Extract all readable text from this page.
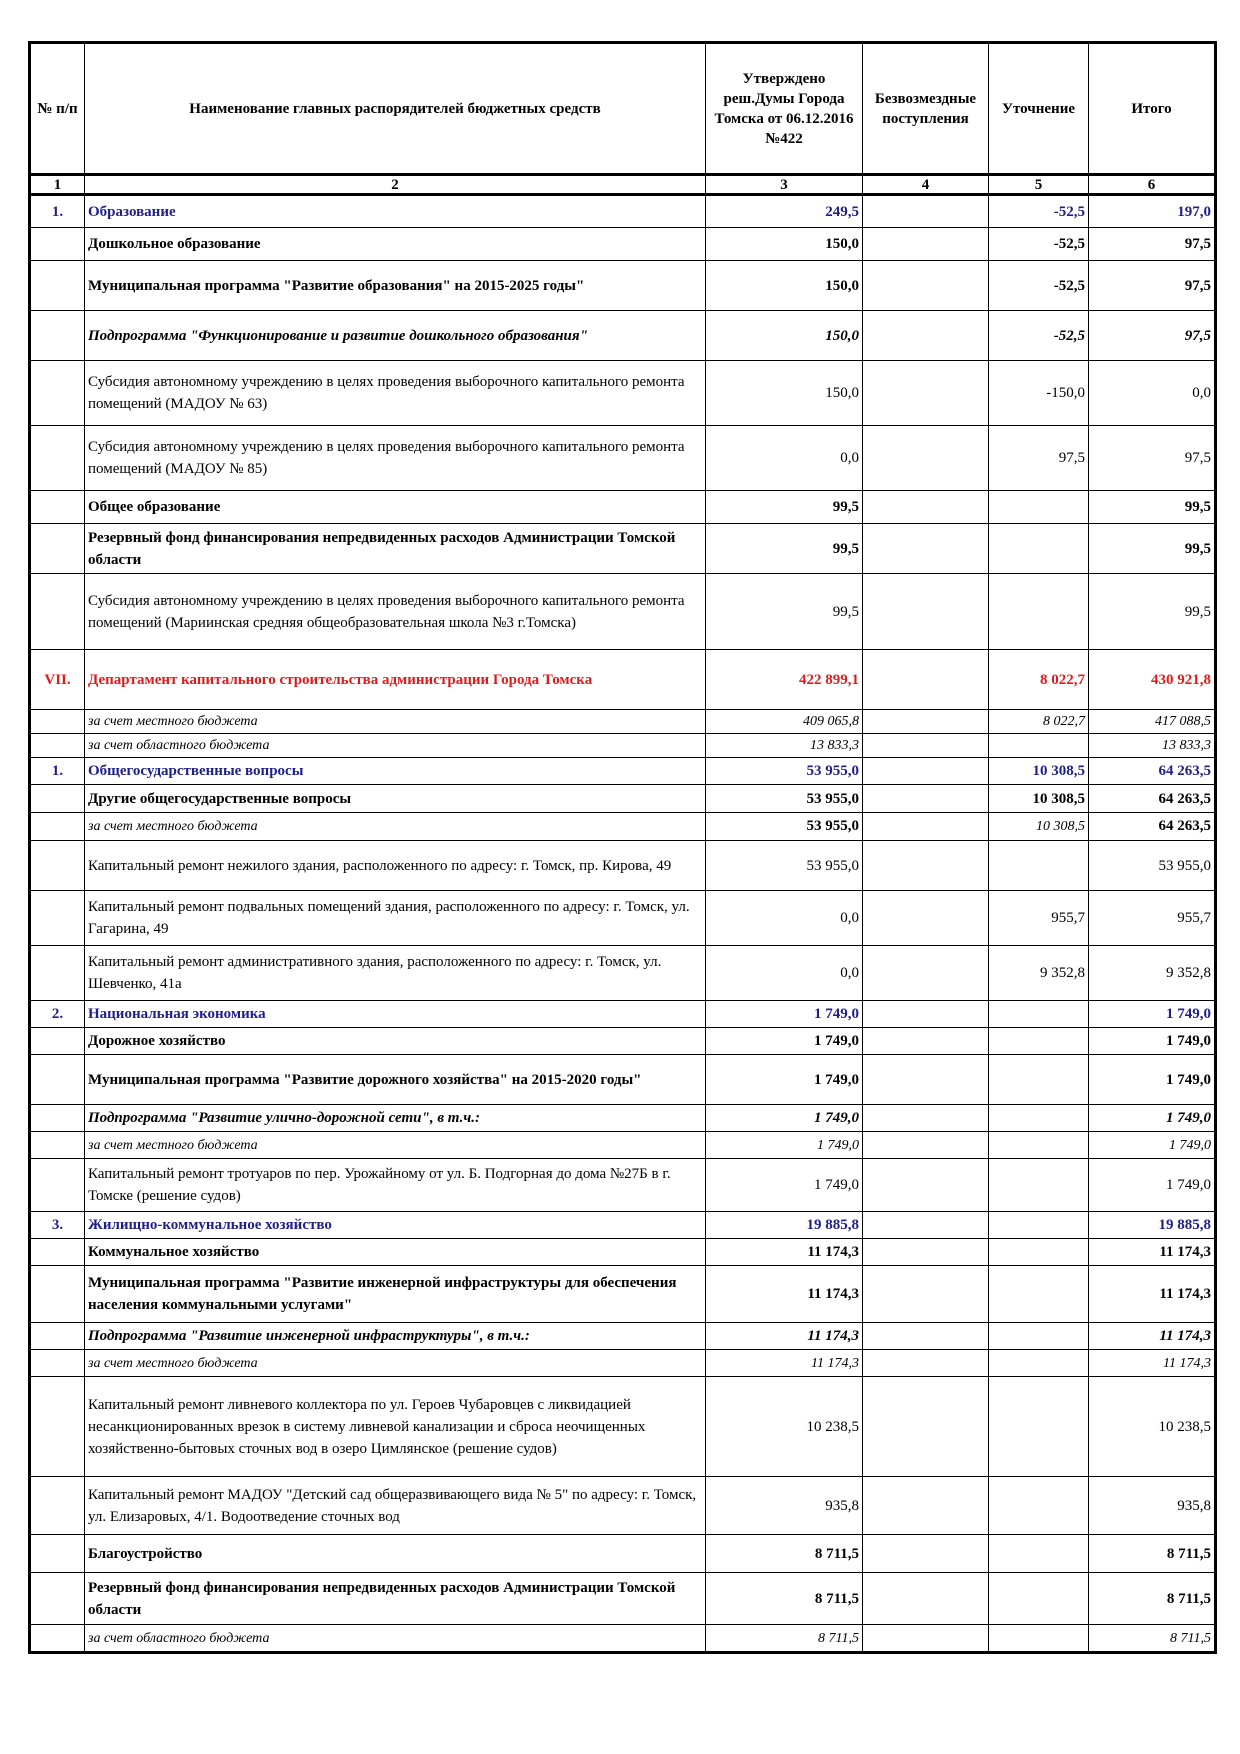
№ п/п	Наименование главных распорядителей бюджетных средств	Утверждено реш.Думы Города Томска от 06.12.2016 №422	Безвозмездные поступления	Уточнение	Итого
1	2	3	4	5	6
1.	Образование	249,5		-52,5	197,0
	Дошкольное образование	150,0		-52,5	97,5
	Муниципальная программа "Развитие образования" на 2015-2025 годы"	150,0		-52,5	97,5
	Подпрограмма "Функционирование и развитие дошкольного образования"	150,0		-52,5	97,5
	Субсидия автономному учреждению в целях проведения выборочного капитального ремонта помещений (МАДОУ № 63)	150,0		-150,0	0,0
	Субсидия автономному учреждению в целях проведения выборочного капитального ремонта помещений (МАДОУ № 85)	0,0		97,5	97,5
	Общее образование	99,5			99,5
	Резервный фонд финансирования непредвиденных расходов Администрации Томской области	99,5			99,5
	Субсидия автономному учреждению в целях проведения выборочного капитального ремонта помещений (Мариинская средняя общеобразовательная школа №3 г.Томска)	99,5			99,5
VII.	Департамент капитального строительства администрации Города Томска	422 899,1		8 022,7	430 921,8
	за счет местного бюджета	409 065,8		8 022,7	417 088,5
	за счет областного бюджета	13 833,3			13 833,3
1.	Общегосударственные вопросы	53 955,0		10 308,5	64 263,5
	Другие общегосударственные вопросы	53 955,0		10 308,5	64 263,5
	за счет местного бюджета	53 955,0		10 308,5	64 263,5
	Капитальный ремонт нежилого здания, расположенного по адресу: г. Томск, пр. Кирова, 49	53 955,0			53 955,0
	Капитальный ремонт подвальных помещений здания, расположенного по адресу: г. Томск, ул. Гагарина, 49	0,0		955,7	955,7
	Капитальный ремонт административного здания, расположенного по адресу: г. Томск, ул. Шевченко, 41а	0,0		9 352,8	9 352,8
2.	Национальная экономика	1 749,0			1 749,0
	Дорожное хозяйство	1 749,0			1 749,0
	Муниципальная программа "Развитие дорожного хозяйства" на 2015-2020 годы"	1 749,0			1 749,0
	Подпрограмма "Развитие улично-дорожной сети", в т.ч.:	1 749,0			1 749,0
	за счет местного бюджета	1 749,0			1 749,0
	Капитальный ремонт тротуаров по пер. Урожайному от ул. Б. Подгорная до дома №27Б в г. Томске (решение судов)	1 749,0			1 749,0
3.	Жилищно-коммунальное хозяйство	19 885,8			19 885,8
	Коммунальное хозяйство	11 174,3			11 174,3
	Муниципальная программа "Развитие инженерной инфраструктуры для обеспечения населения коммунальными услугами"	11 174,3			11 174,3
	Подпрограмма "Развитие инженерной инфраструктуры", в т.ч.:	11 174,3			11 174,3
	за счет местного бюджета	11 174,3			11 174,3
	Капитальный ремонт ливневого коллектора по ул. Героев Чубаровцев с ликвидацией несанкционированных врезок в систему ливневой канализации и сброса неочищенных хозяйственно-бытовых сточных вод в озеро Цимлянское (решение судов)	10 238,5			10 238,5
	Капитальный ремонт МАДОУ "Детский сад общеразвивающего вида № 5" по адресу: г. Томск, ул. Елизаровых, 4/1. Водоотведение сточных вод	935,8			935,8
	Благоустройство	8 711,5			8 711,5
	Резервный фонд финансирования непредвиденных расходов Администрации Томской области	8 711,5			8 711,5
	за счет областного бюджета	8 711,5			8 711,5
